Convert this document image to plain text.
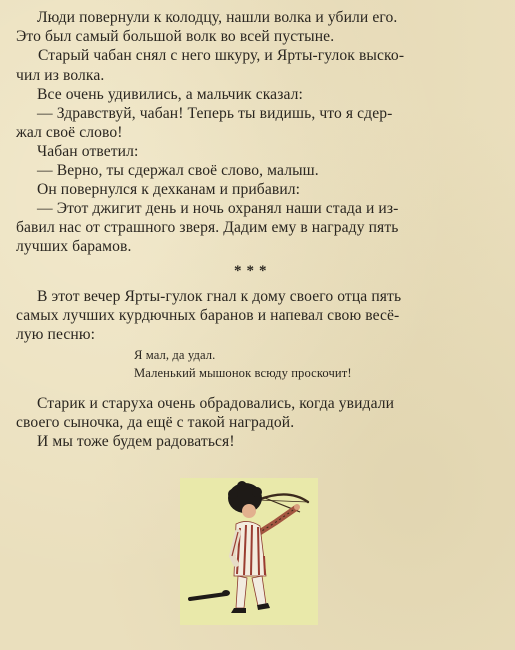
Люди повернули к колодцу, нашли волка и убили его.
Это был самый большой волк во всей пустыне.
Старый чабан снял с него шкуру, и Ярты-гулок выско-
чил из волка.
Все очень удивились, а мальчик сказал:
— Здравствуй, чабан! Теперь ты видишь, что я сдер-
жал своё слово!
Чабан ответил:
— Верно, ты сдержал своё слово, малыш.
Он повернулся к дехканам и прибавил:
— Этот джигит день и ночь охранял наши стада и из-
бавил нас от страшного зверя. Дадим ему в награду пять
лучших барамов.
***
В этот вечер Ярты-гулок гнал к дому своего отца пять
самых лучших курдючных баранов и напевал свою весё-
лую песню:
Я мал, да удал.
Маленький мышонок всюду проскочит!
Старик и старуха очень обрадовались, когда увидали
своего сыночка, да ещё с такой наградой.
И мы тоже будем радоваться!
